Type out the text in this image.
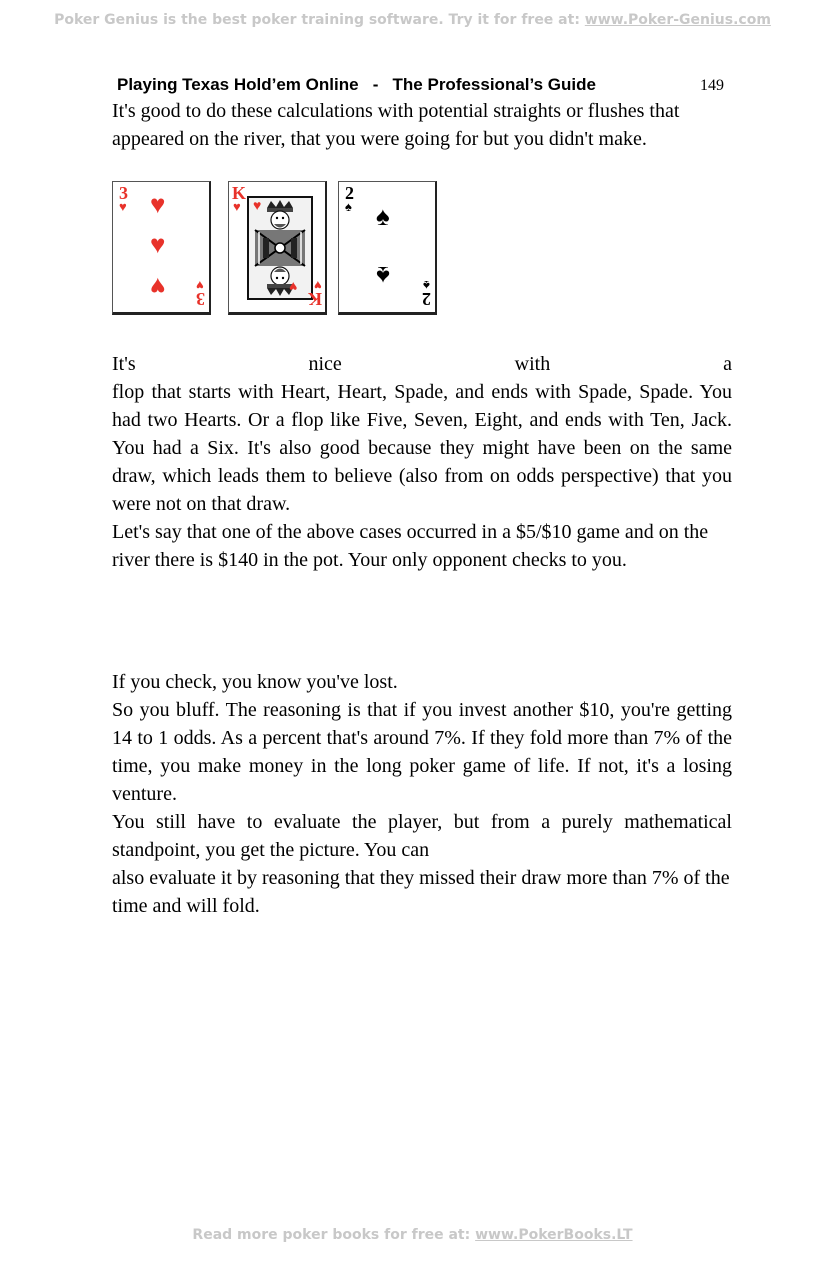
Poker Genius is the best poker training software. Try it for free at: www.Poker-Genius.com
Playing Texas Hold’em Online   -   The Professional’s Guide	149

It's good to do these calculations with potential straights or flushes that appeared on the river, that you were going for but you didn't make.

3
♥ ♥
♥
♥ ♥
3
K
♥ ♥
♥ ♥
K
2
♠ ♠
♠	♠
2

It's	nice	with	a

flop that starts with Heart, Heart, Spade, and ends with Spade, Spade. You had two Hearts. Or a flop like Five, Seven, Eight, and ends with Ten, Jack. You had a Six. It's also good because they might have been on the same draw, which leads them to believe (also from on odds perspective) that you were not on that draw.

Let's say that one of the above cases occurred in a $5/$10 game and on the river there is $140 in the pot. Your only opponent checks to you.

If you check, you know you've lost.

So you bluff. The reasoning is that if you invest another $10, you're getting 14 to 1 odds. As a percent that's around 7%. If they fold more than 7% of the time, you make money in the long poker game of life. If not, it's a losing venture.

You still have to evaluate the player, but from a purely mathematical standpoint, you get the picture. You can

also evaluate it by reasoning that they missed their draw more than 7% of the time and will fold.

Read more poker books for free at: www.PokerBooks.LT
